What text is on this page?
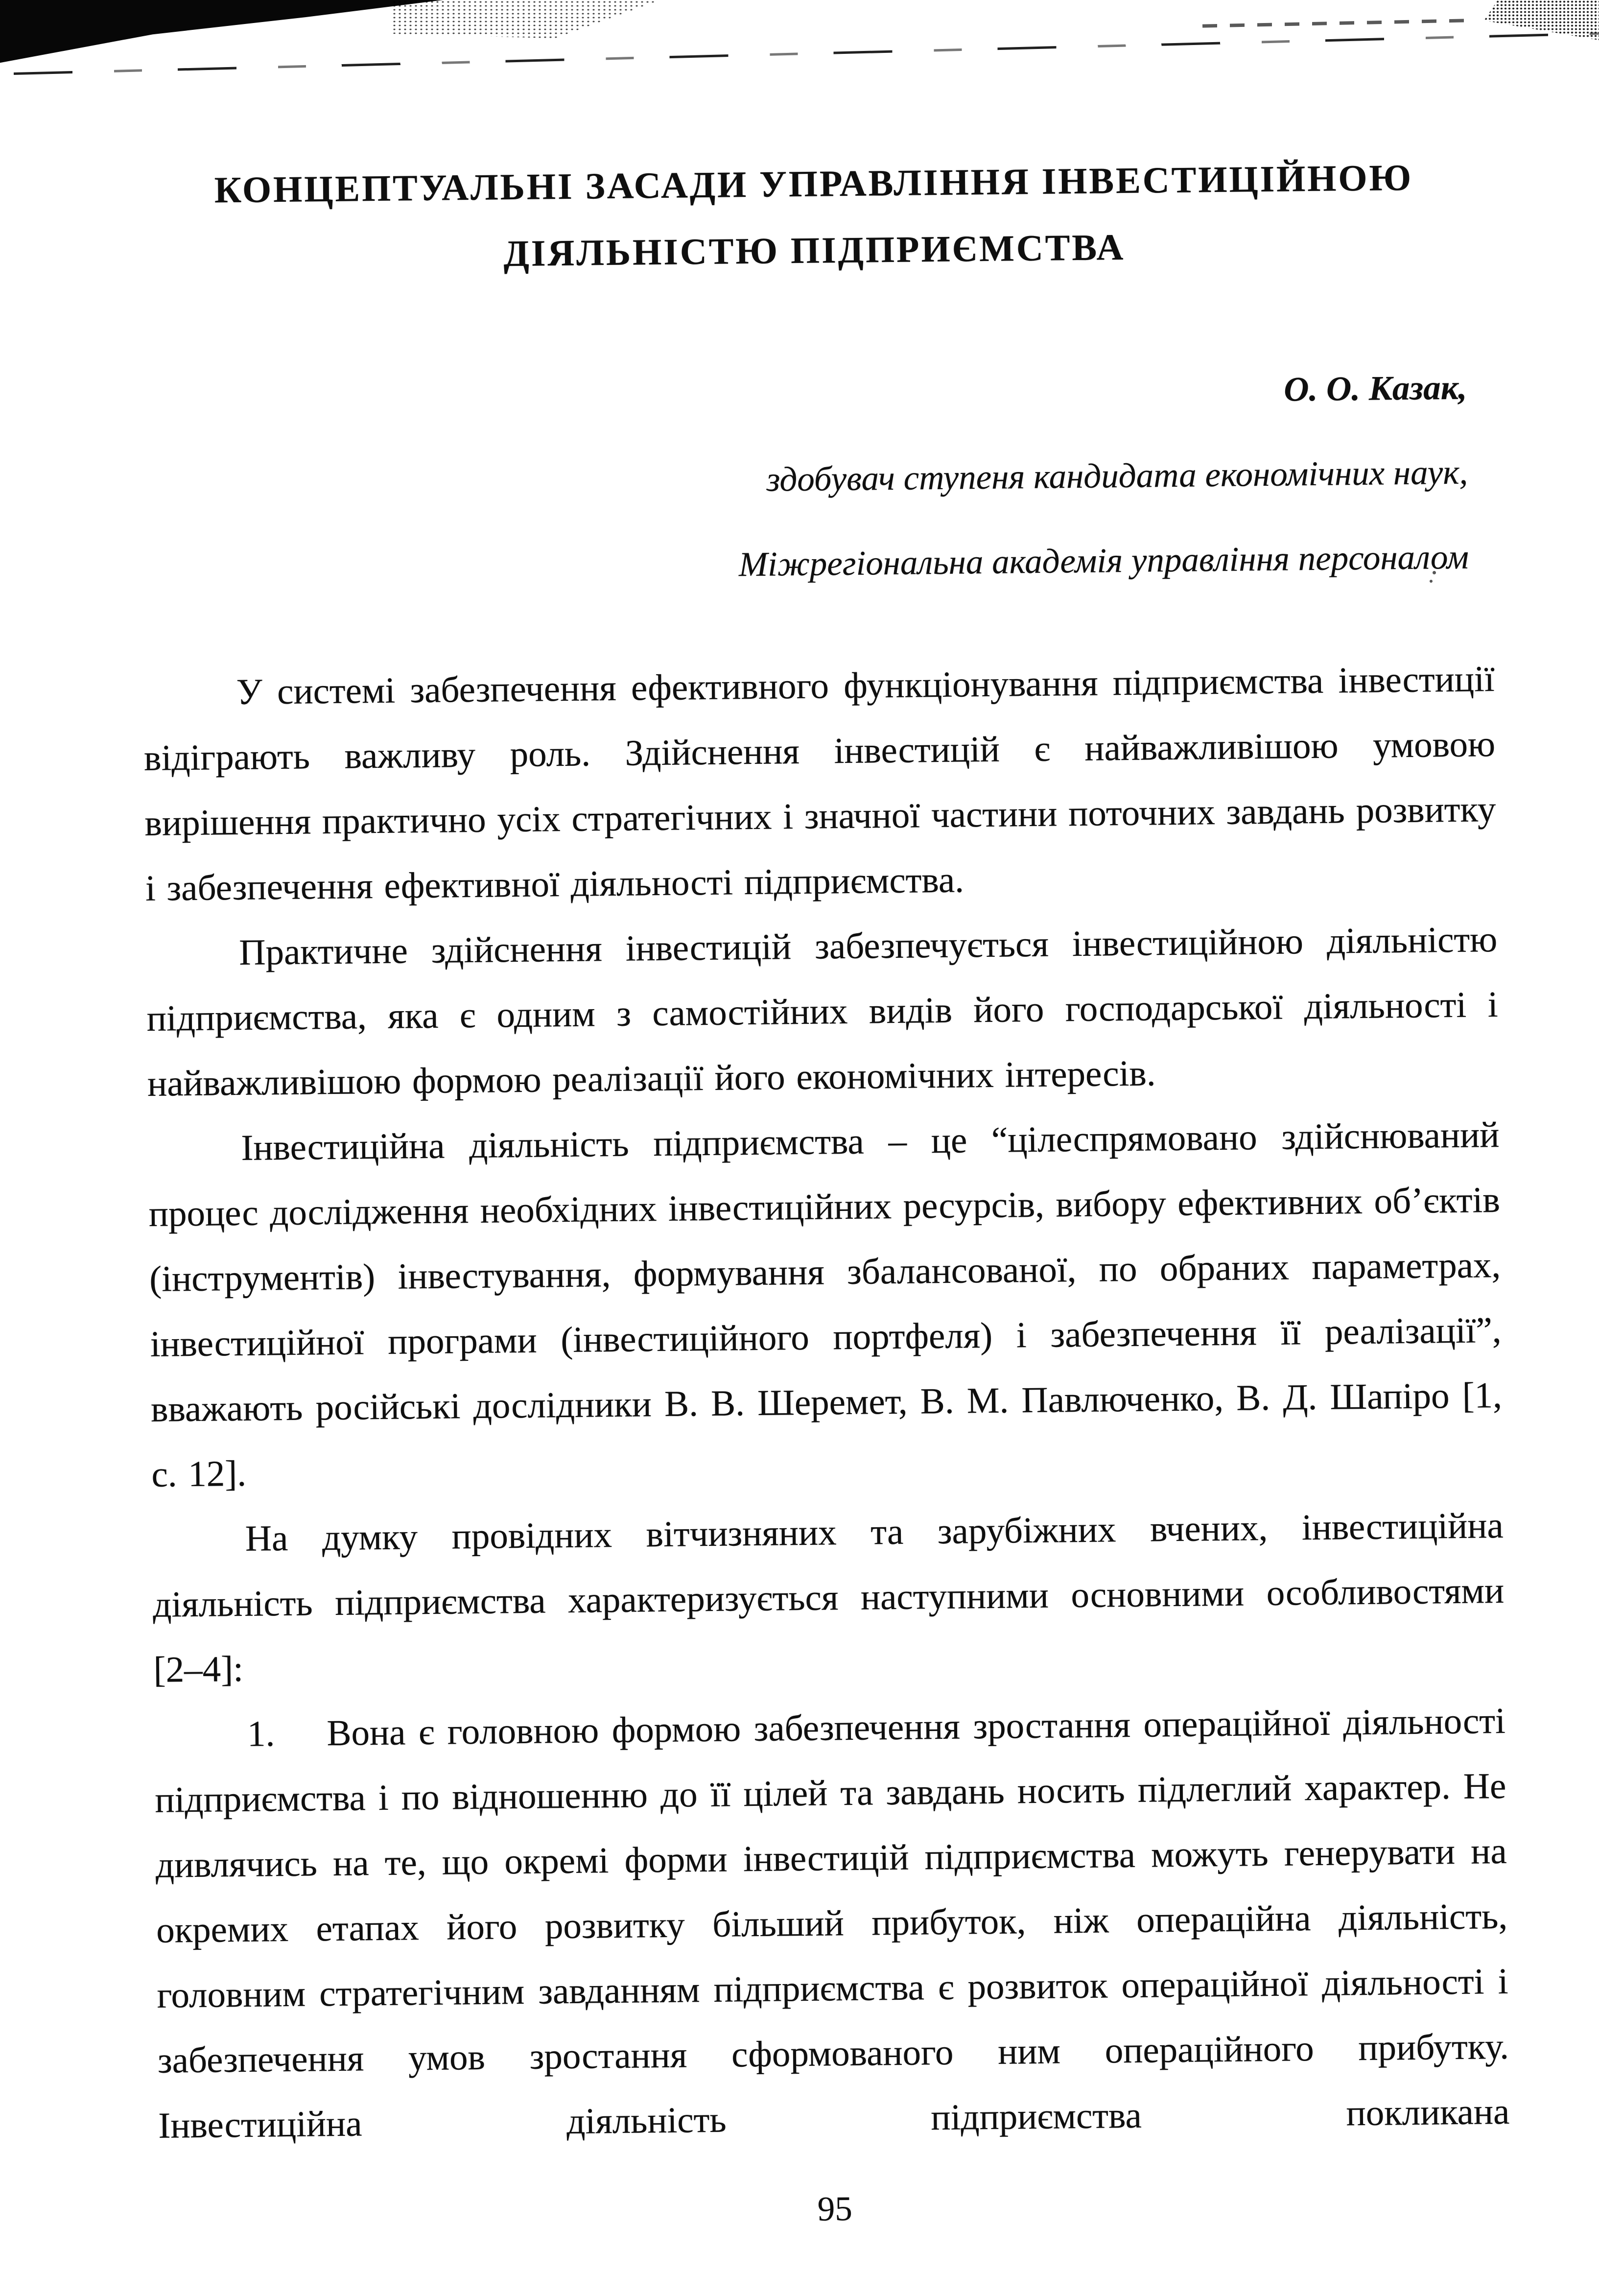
КОНЦЕПТУАЛЬНІ ЗАСАДИ УПРАВЛІННЯ ІНВЕСТИЦІЙНОЮ
ДІЯЛЬНІСТЮ ПІДПРИЄМСТВА
О. О. Казак,
здобувач ступеня кандидата економічних наук,
Міжрегіональна академія управління персоналом

У системі забезпечення ефективного функціонування підприємства інвестиції відіграють важливу роль. Здійснення інвестицій є найважливішою умовою вирішення практично усіх стратегічних і значної частини поточних завдань розвитку і забезпечення ефективної діяльності підприємства.

Практичне здійснення інвестицій забезпечується інвестиційною діяльністю підприємства, яка є одним з самостійних видів його господарської діяльності і найважливішою формою реалізації його економічних інтересів.

Інвестиційна діяльність підприємства – це “цілеспрямовано здійснюваний процес дослідження необхідних інвестиційних ресурсів, вибору ефективних об’єктів (інструментів) інвестування, формування збалансованої, по обраних параметрах, інвестиційної програми (інвестиційного портфеля) і забезпечення її реалізації”, вважають російські дослідники В. В. Шеремет, В. М. Павлюченко, В. Д. Шапіро [1, с. 12].

На думку провідних вітчизняних та зарубіжних вчених, інвестиційна діяльність підприємства характеризується наступними основними особливостями [2–4]:

1.    Вона є головною формою забезпечення зростання операційної діяльності підприємства і по відношенню до її цілей та завдань носить підлеглий характер. Не дивлячись на те, що окремі форми інвестицій підприємства можуть генерувати на окремих етапах його розвитку більший прибуток, ніж операційна діяльність, головним стратегічним завданням підприємства є розвиток операційної діяльності і забезпечення умов зростання сформованого ним операційного прибутку. Інвестиційна діяльність підприємства покликана

95
